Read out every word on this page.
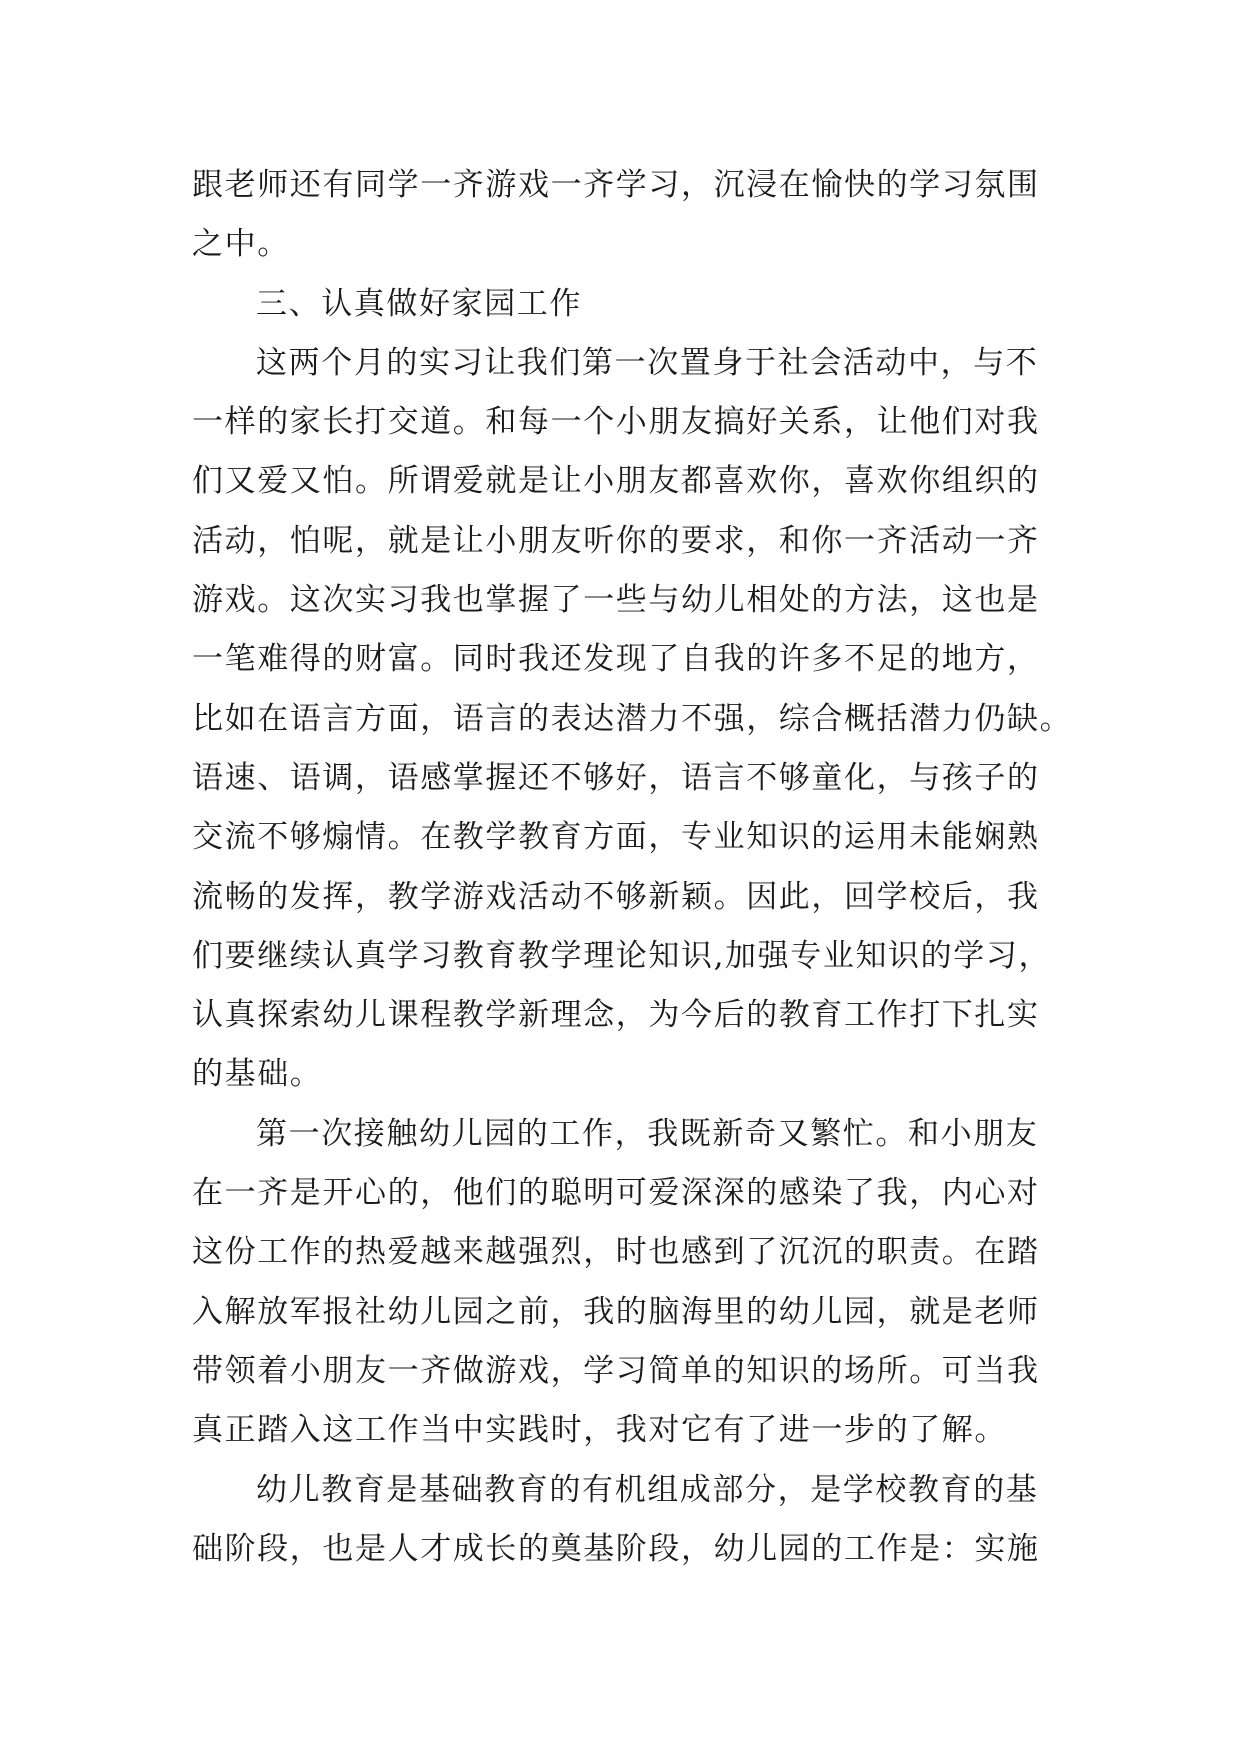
跟老师还有同学一齐游戏一齐学习，沉浸在愉快的学习氛围
之中。
三、认真做好家园工作
这两个月的实习让我们第一次置身于社会活动中，与不
一样的家长打交道。和每一个小朋友搞好关系，让他们对我
们又爱又怕。所谓爱就是让小朋友都喜欢你，喜欢你组织的
活动，怕呢，就是让小朋友听你的要求，和你一齐活动一齐
游戏。这次实习我也掌握了一些与幼儿相处的方法，这也是
一笔难得的财富。同时我还发现了自我的许多不足的地方，
比如在语言方面，语言的表达潜力不强，综合概括潜力仍缺。
语速、语调，语感掌握还不够好，语言不够童化，与孩子的
交流不够煽情。在教学教育方面，专业知识的运用未能娴熟
流畅的发挥，教学游戏活动不够新颖。因此，回学校后，我
们要继续认真学习教育教学理论知识,加强专业知识的学习，
认真探索幼儿课程教学新理念，为今后的教育工作打下扎实
的基础。
第一次接触幼儿园的工作，我既新奇又繁忙。和小朋友
在一齐是开心的，他们的聪明可爱深深的感染了我，内心对
这份工作的热爱越来越强烈，时也感到了沉沉的职责。在踏
入解放军报社幼儿园之前，我的脑海里的幼儿园，就是老师
带领着小朋友一齐做游戏，学习简单的知识的场所。可当我
真正踏入这工作当中实践时，我对它有了进一步的了解。
幼儿教育是基础教育的有机组成部分，是学校教育的基
础阶段，也是人才成长的奠基阶段，幼儿园的工作是：实施
